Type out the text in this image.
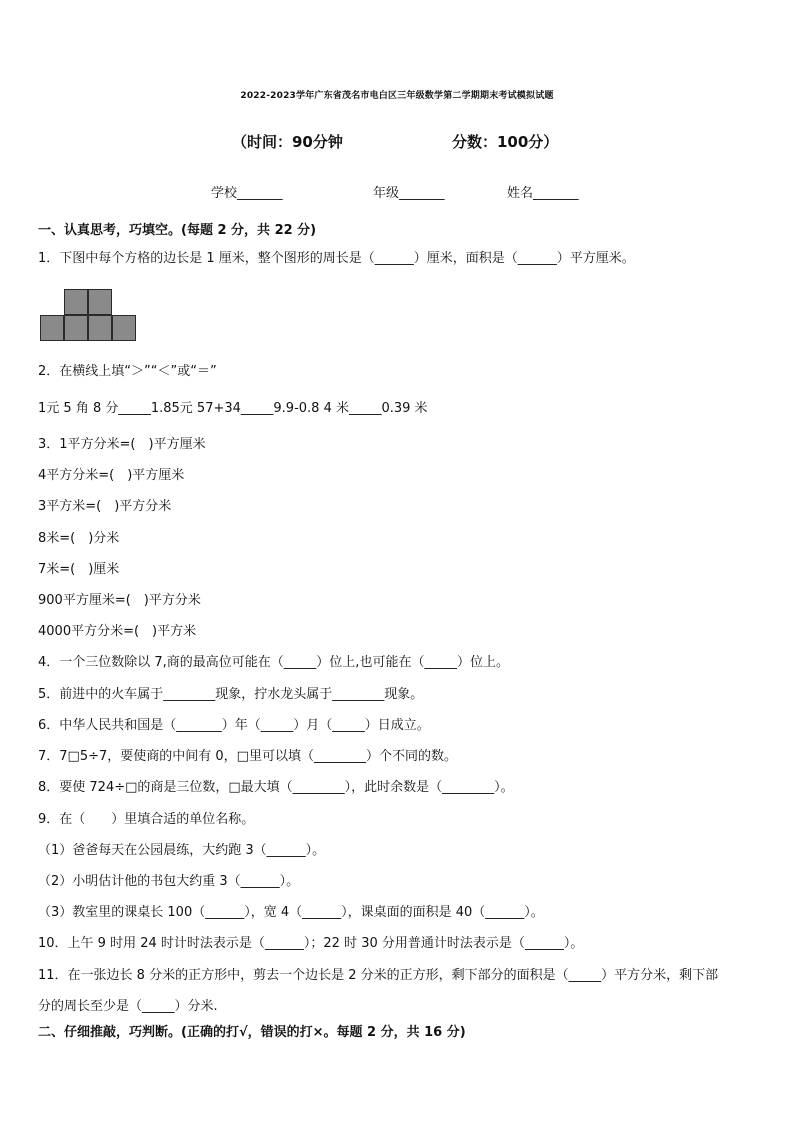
2022-2023学年广东省茂名市电白区三年级数学第二学期期末考试模拟试题
（时间：90分钟	分数：100分）
学校_______	年级_______	姓名_______
一、认真思考，巧填空。(每题 2 分，共 22 分)
1．下图中每个方格的边长是 1 厘米，整个图形的周长是（______）厘米，面积是（______）平方厘米。
2．在横线上填“＞”“＜”或“＝”
1元 5 角 8 分_____1.85元 57+34_____9.9-0.8 4 米_____0.39 米
3．1平方分米=(　)平方厘米
4平方分米=(　)平方厘米
3平方米=(　)平方分米
8米=(　)分米
7米=(　)厘米
900平方厘米=(　)平方分米
4000平方分米=(　)平方米
4．一个三位数除以 7,商的最高位可能在（_____）位上,也可能在（_____）位上。
5．前进中的火车属于________现象，拧水龙头属于________现象。
6．中华人民共和国是（_______）年（_____）月（_____）日成立。
7．7□5÷7，要使商的中间有 0，□里可以填（________）个不同的数。
8．要使 724÷□的商是三位数，□最大填（________），此时余数是（________）。
9．在（　　）里填合适的单位名称。
（1）爸爸每天在公园晨练，大约跑 3（______）。
（2）小明估计他的书包大约重 3（______）。
（3）教室里的课桌长 100（______），宽 4（______），课桌面的面积是 40（______）。
10．上午 9 时用 24 时计时法表示是（______）；22 时 30 分用普通计时法表示是（______）。
11．在一张边长 8 分米的正方形中，剪去一个边长是 2 分米的正方形，剩下部分的面积是（_____）平方分米，剩下部
分的周长至少是（_____）分米.
二、仔细推敲，巧判断。(正确的打√，错误的打×。每题 2 分，共 16 分)
